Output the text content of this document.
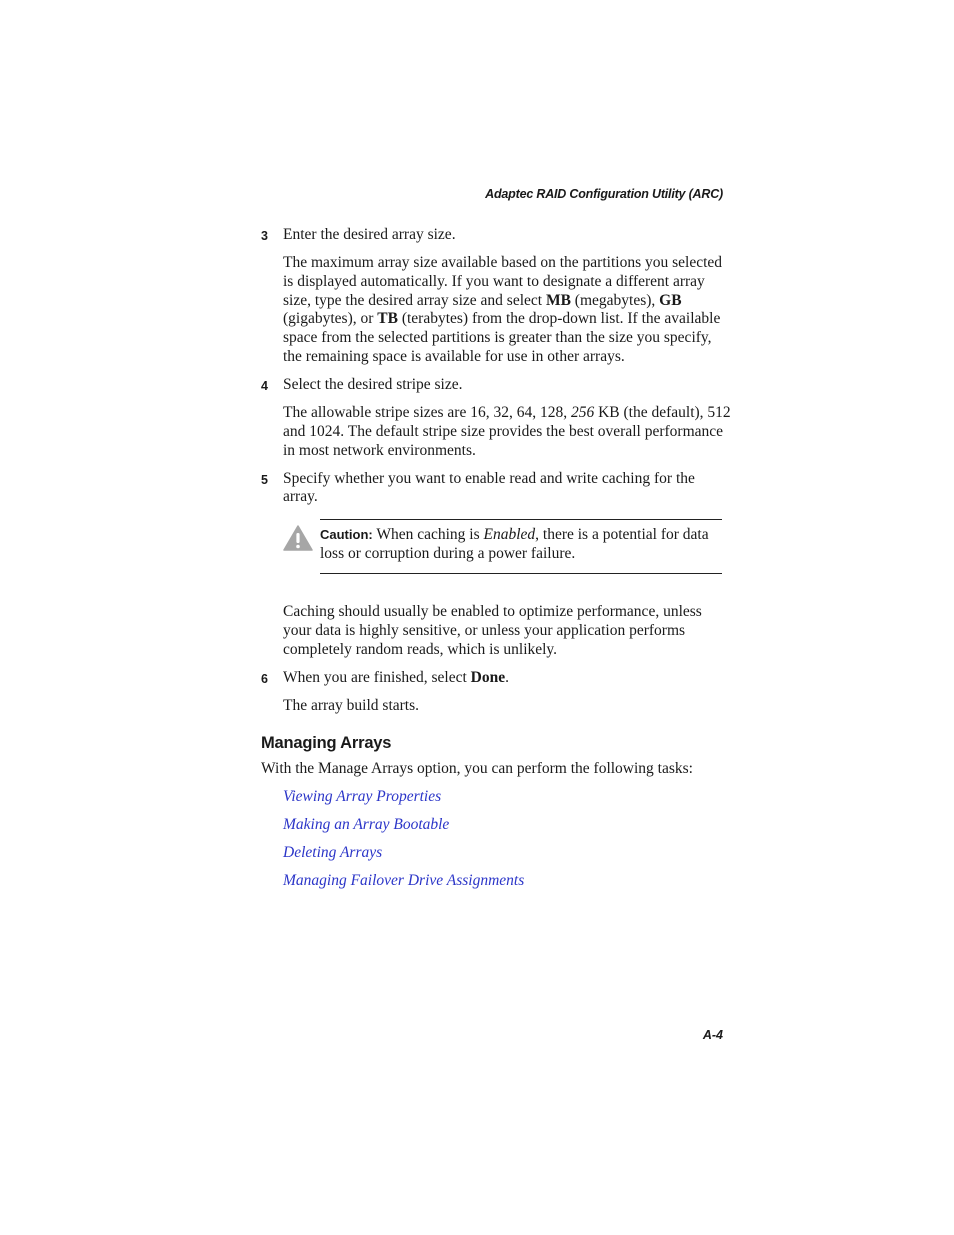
Adaptec RAID Configuration Utility (ARC)
3 Enter the desired array size.

The maximum array size available based on the partitions you selected is displayed automatically. If you want to designate a different array size, type the desired array size and select MB (megabytes), GB (gigabytes), or TB (terabytes) from the drop-down list. If the available space from the selected partitions is greater than the size you specify, the remaining space is available for use in other arrays.

4 Select the desired stripe size.

The allowable stripe sizes are 16, 32, 64, 128, 256 KB (the default), 512 and 1024. The default stripe size provides the best overall performance in most network environments.

5 Specify whether you want to enable read and write caching for the array.

Caution: When caching is Enabled, there is a potential for data loss or corruption during a power failure.

Caching should usually be enabled to optimize performance, unless your data is highly sensitive, or unless your application performs completely random reads, which is unlikely.

6 When you are finished, select Done.

The array build starts.

Managing Arrays

With the Manage Arrays option, you can perform the following tasks:

Viewing Array Properties
Making an Array Bootable
Deleting Arrays
Managing Failover Drive Assignments
A-4
